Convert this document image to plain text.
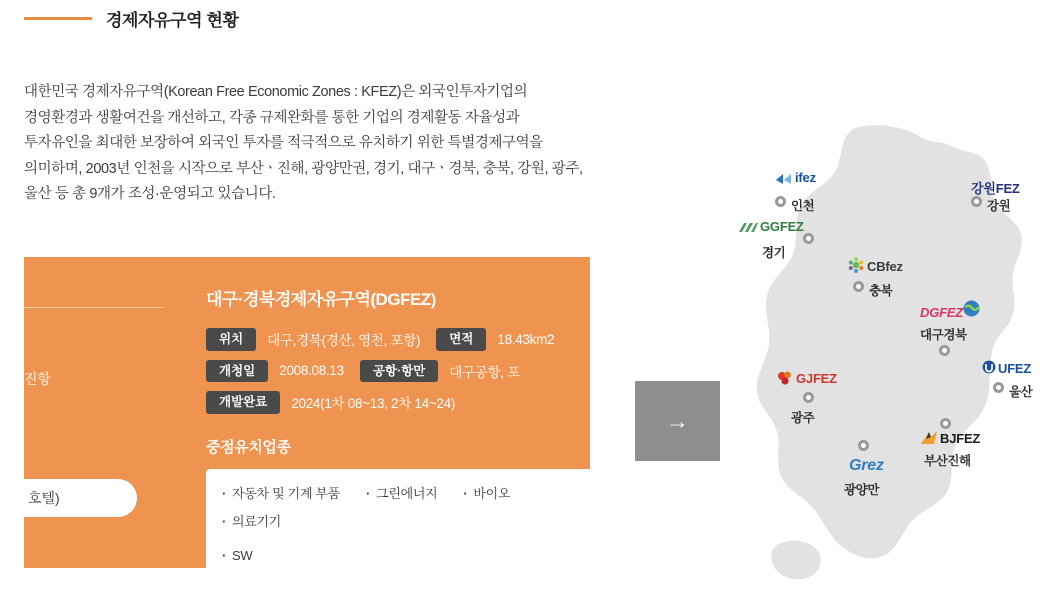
경제자유구역 현황
대한민국 경제자유구역(Korean Free Economic Zones : KFEZ)은 외국인투자기업의
경영환경과 생활여건을 개선하고, 각종 규제완화를 통한 기업의 경제활동 자율성과
투자유인을 최대한 보장하여 외국인 투자를 적극적으로 유치하기 위한 특별경제구역을
의미하며, 2003년 인천을 시작으로 부산ㆍ진해, 광양만권, 경기, 대구ㆍ경북, 충북, 강원, 광주,
울산 등 총 9개가 조성·운영되고 있습니다.
진항
호텔)
대구·경북경제자유구역(DGFEZ)
위치	대구,경북(경산, 영천, 포항)	면적	18.43km2
개청일	2008.08.13	공항·항만	대구공항, 포
개발완료	2024(1차 08~13, 2차 14~24)
중점유치업종
· 자동차 및 기계 부품	· 그린에너지	· 바이오
· 의료기기
· SW
→
ifez
인천
GGFEZ
경기
CBfez
충북
강원FEZ
강원
DGFEZ
대구경북
GJFEZ
광주
UFEZ
울산
BJFEZ
부산진해
Grez
광양만
